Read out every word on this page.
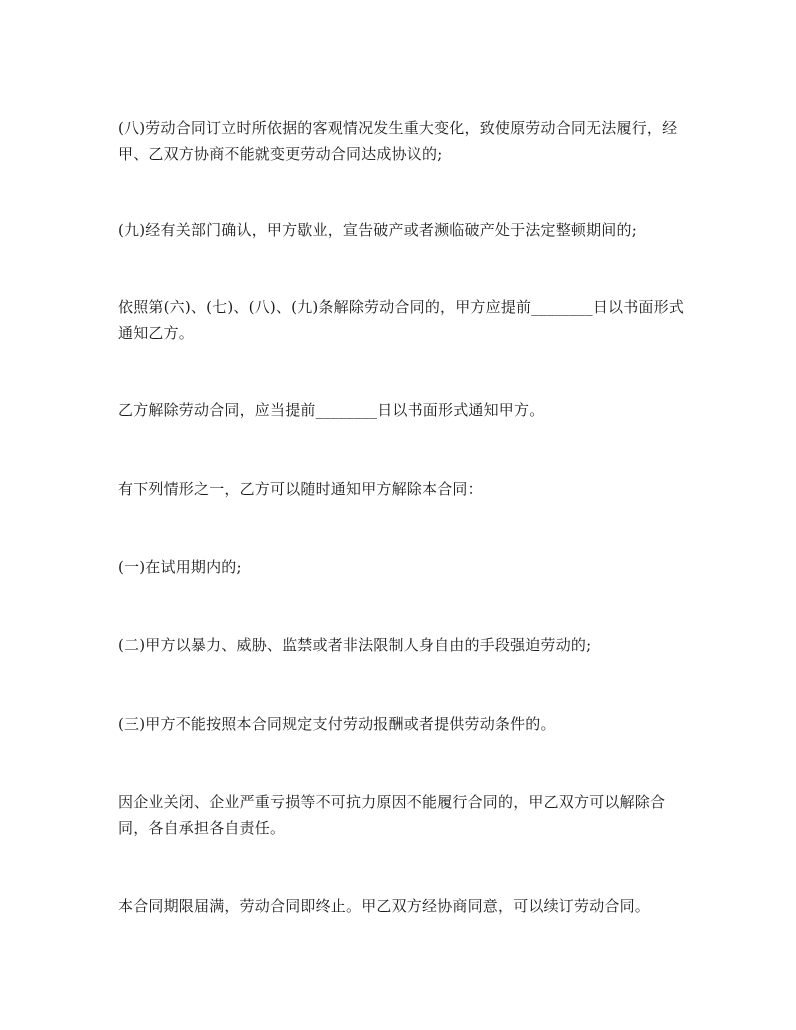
(八)劳动合同订立时所依据的客观情况发生重大变化，致使原劳动合同无法履行，经甲、乙双方协商不能就变更劳动合同达成协议的;

(九)经有关部门确认，甲方歇业，宣告破产或者濒临破产处于法定整顿期间的;

依照第(六)、(七)、(八)、(九)条解除劳动合同的，甲方应提前________日以书面形式通知乙方。

乙方解除劳动合同，应当提前________日以书面形式通知甲方。

有下列情形之一，乙方可以随时通知甲方解除本合同：

(一)在试用期内的;

(二)甲方以暴力、威胁、监禁或者非法限制人身自由的手段强迫劳动的;

(三)甲方不能按照本合同规定支付劳动报酬或者提供劳动条件的。

因企业关闭、企业严重亏损等不可抗力原因不能履行合同的，甲乙双方可以解除合同，各自承担各自责任。

本合同期限届满，劳动合同即终止。甲乙双方经协商同意，可以续订劳动合同。
